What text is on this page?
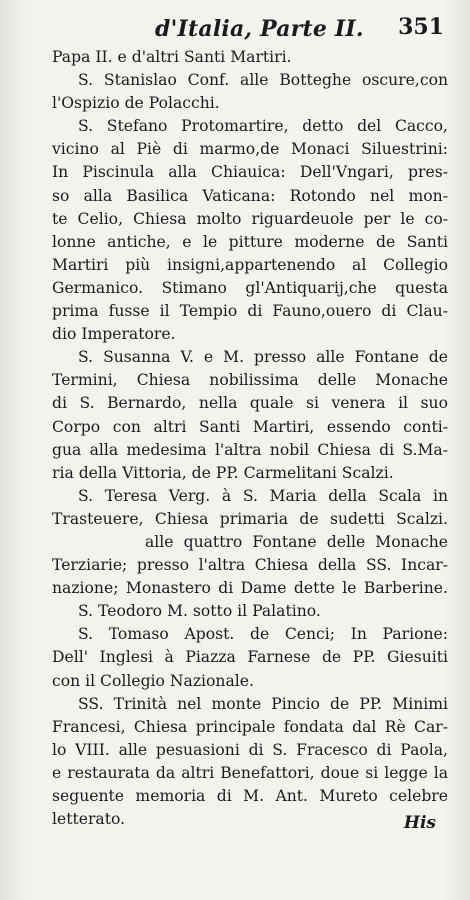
d'Italia, Parte II. 351
Papa II. e d'altri Santi Martiri.
S. Stanislao Conf. alle Botteghe oscure,con
l'Ospizio de Polacchi.
S. Stefano Protomartire, detto del Cacco,
vicino al Piè di marmo,de Monaci Siluestrini:
In Piscinula alla Chiauica: Dell'Vngari, pres-
so alla Basilica Vaticana: Rotondo nel mon-
te Celio, Chiesa molto riguardeuole per le co-
lonne antiche, e le pitture moderne de Santi
Martiri più insigni,appartenendo al Collegio
Germanico. Stimano gl'Antiquarij,che questa
prima fusse il Tempio di Fauno,ouero di Clau-
dio Imperatore.
S. Susanna V. e M. presso alle Fontane de
Termini, Chiesa nobilissima delle Monache
di S. Bernardo, nella quale si venera il suo
Corpo con altri Santi Martiri, essendo conti-
gua alla medesima l'altra nobil Chiesa di S.Ma-
ria della Vittoria, de PP. Carmelitani Scalzi.
S. Teresa Verg. à S. Maria della Scala in
Trasteuere, Chiesa primaria de sudetti Scalzi.
alle quattro Fontane delle Monache
Terziarie; presso l'altra Chiesa della SS. Incar-
nazione; Monastero di Dame dette le Barberine.
S. Teodoro M. sotto il Palatino.
S. Tomaso Apost. de Cenci; In Parione:
Dell' Inglesi à Piazza Farnese de PP. Giesuiti
con il Collegio Nazionale.
SS. Trinità nel monte Pincio de PP. Minimi
Francesi, Chiesa principale fondata dal Rè Car-
lo VIII. alle pesuasioni di S. Fracesco di Paola,
e restaurata da altri Benefattori, doue si legge la
seguente memoria di M. Ant. Mureto celebre
letterato.	His
